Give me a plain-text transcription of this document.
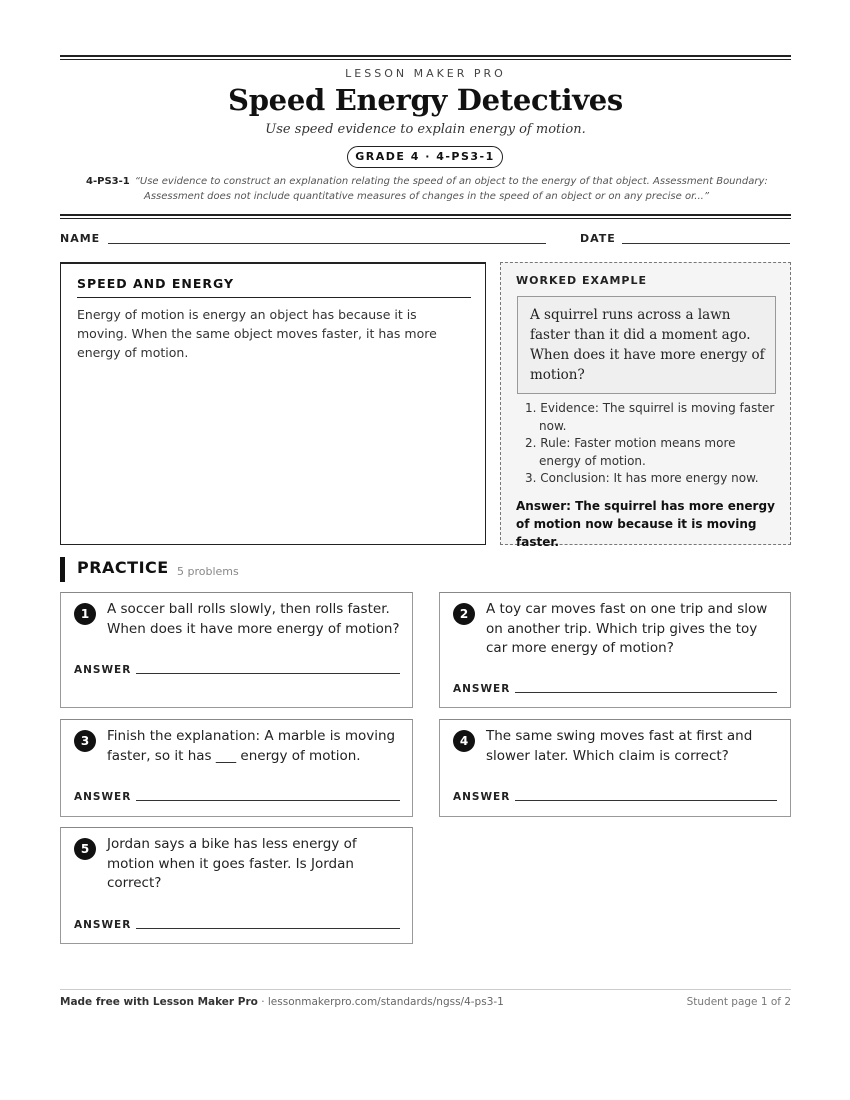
LESSON MAKER PRO
Speed Energy Detectives
Use speed evidence to explain energy of motion.
GRADE 4 · 4-PS3-1
4-PS3-1 “Use evidence to construct an explanation relating the speed of an object to the energy of that object. Assessment Boundary:
Assessment does not include quantitative measures of changes in the speed of an object or on any precise or...”
NAME	DATE
SPEED AND ENERGY
Energy of motion is energy an object has because it is moving. When the same object moves faster, it has more energy of motion.
WORKED EXAMPLE
A squirrel runs across a lawn faster than it did a moment ago. When does it have more energy of motion?
1. Evidence: The squirrel is moving faster now.
2. Rule: Faster motion means more energy of motion.
3. Conclusion: It has more energy now.
Answer: The squirrel has more energy of motion now because it is moving faster.
PRACTICE 5 problems
1	A soccer ball rolls slowly, then rolls faster. When does it have more energy of motion?
ANSWER
2	A toy car moves fast on one trip and slow on another trip. Which trip gives the toy car more energy of motion?
ANSWER
3	Finish the explanation: A marble is moving faster, so it has ___ energy of motion.
ANSWER
4	The same swing moves fast at first and slower later. Which claim is correct?
ANSWER
5	Jordan says a bike has less energy of motion when it goes faster. Is Jordan correct?
ANSWER
Made free with Lesson Maker Pro · lessonmakerpro.com/standards/ngss/4-ps3-1	Student page 1 of 2
